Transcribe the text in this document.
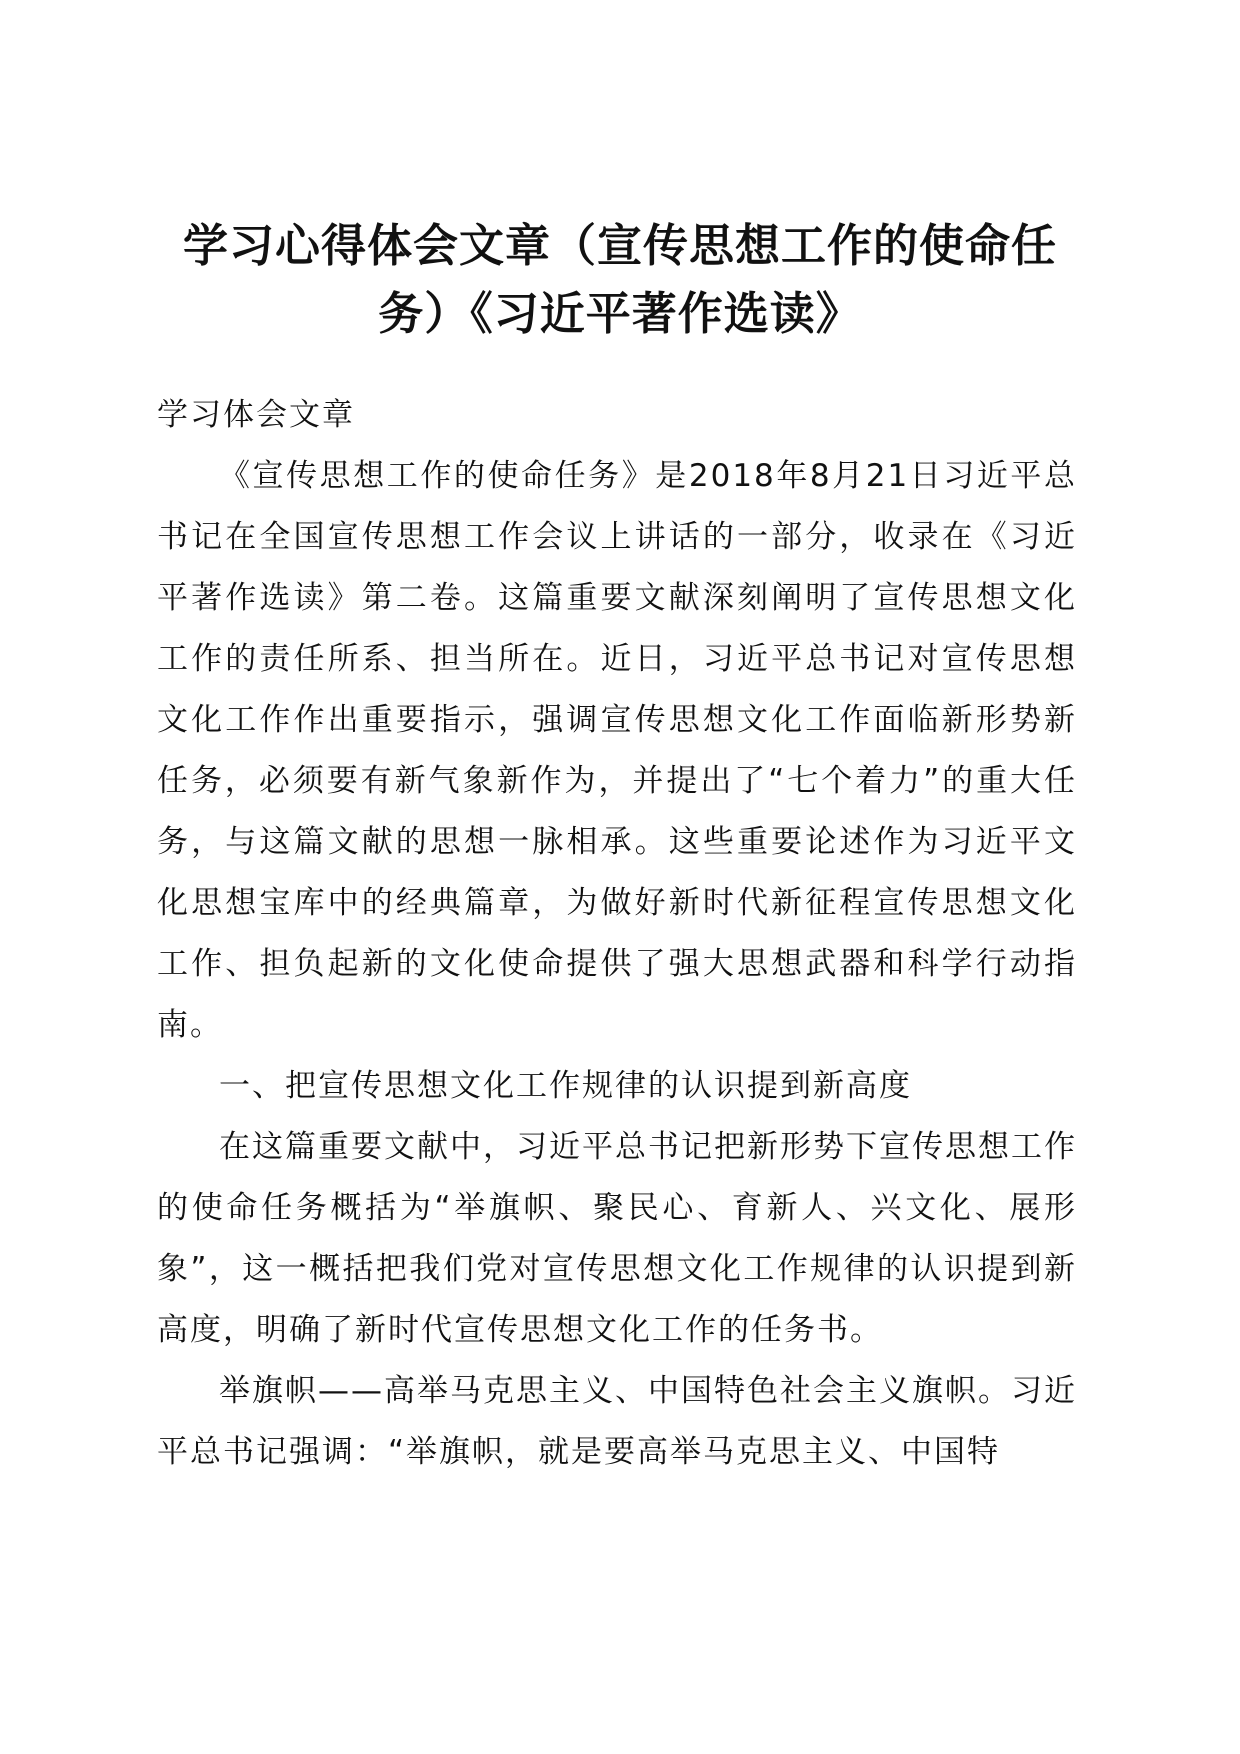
学习心得体会文章（宣传思想工作的使命任务）《习近平著作选读》

学习体会文章

《宣传思想工作的使命任务》是2018年8月21日习近平总书记在全国宣传思想工作会议上讲话的一部分，收录在《习近平著作选读》第二卷。这篇重要文献深刻阐明了宣传思想文化工作的责任所系、担当所在。近日，习近平总书记对宣传思想文化工作作出重要指示，强调宣传思想文化工作面临新形势新任务，必须要有新气象新作为，并提出了“七个着力”的重大任务，与这篇文献的思想一脉相承。这些重要论述作为习近平文化思想宝库中的经典篇章，为做好新时代新征程宣传思想文化工作、担负起新的文化使命提供了强大思想武器和科学行动指南。

一、把宣传思想文化工作规律的认识提到新高度

在这篇重要文献中，习近平总书记把新形势下宣传思想工作的使命任务概括为“举旗帜、聚民心、育新人、兴文化、展形象”，这一概括把我们党对宣传思想文化工作规律的认识提到新高度，明确了新时代宣传思想文化工作的任务书。

举旗帜——高举马克思主义、中国特色社会主义旗帜。习近平总书记强调：“举旗帜，就是要高举马克思主义、中国特
